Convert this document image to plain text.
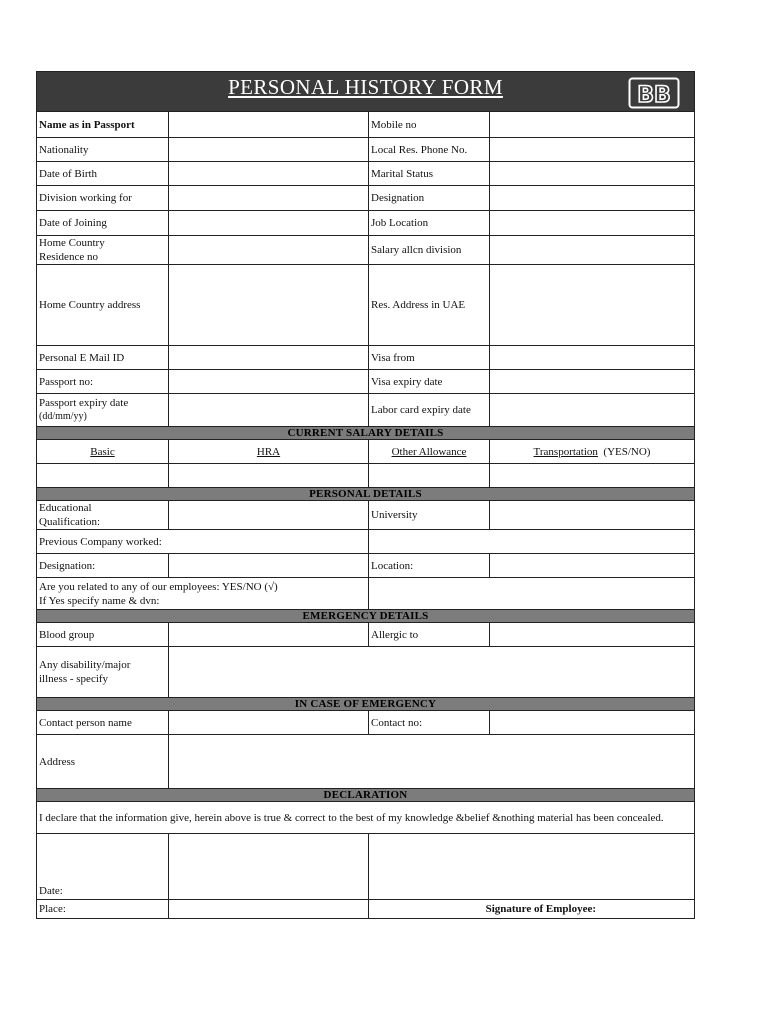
PERSONAL HISTORY FORM BB			

Name as in Passport		Mobile no	
Nationality		Local Res. Phone No.	
Date of Birth		Marital Status	
Division working for		Designation	
Date of Joining		Job Location	

Home Country
Residence no		Salary allcn division	
Home Country address		Res. Address in UAE	
Personal E Mail ID		Visa from	
Passport no:		Visa expiry date	

Passport expiry date
(dd/mm/yy)		Labor card expiry date	
CURRENT SALARY DETAILS			
Basic	HRA	Other Allowance	Transportation (YES/NO)

PERSONAL DETAILS			

Educational
Qualification:		University	
Previous Company worked:			
Designation:		Location:	

Are you related to any of our employees: YES/NO (√)
If Yes specify name & dvn:			

EMERGENCY DETAILS			
Blood group		Allergic to	

Any disability/major
illness - specify			

IN CASE OF EMERGENCY			
Contact person name		Contact no:	
Address			
DECLARATION			
I declare that the information give, herein above is true & correct to the best of my knowledge &belief &nothing material has been concealed.			
Date:			
Place:		Signature of Employee:	
